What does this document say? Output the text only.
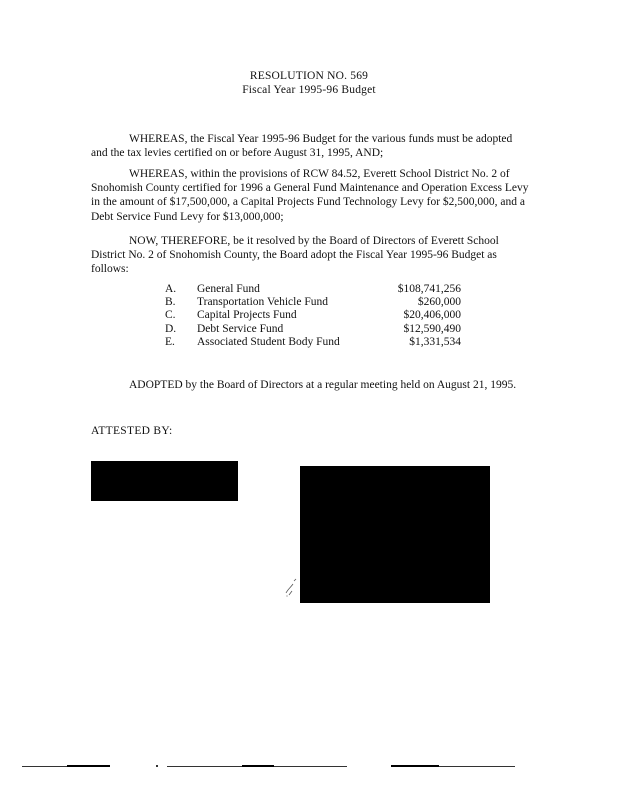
RESOLUTION NO. 569
Fiscal Year 1995-96 Budget

WHEREAS, the Fiscal Year 1995-96 Budget for the various funds must be adopted and the tax levies certified on or before August 31, 1995, AND;

WHEREAS, within the provisions of RCW 84.52, Everett School District No. 2 of Snohomish County certified for 1996 a General Fund Maintenance and Operation Excess Levy in the amount of $17,500,000, a Capital Projects Fund Technology Levy for $2,500,000, and a Debt Service Fund Levy for $13,000,000;

NOW, THEREFORE, be it resolved by the Board of Directors of Everett School District No. 2 of Snohomish County, the Board adopt the Fiscal Year 1995-96 Budget as follows:

A.	General Fund	$108,741,256
B.	Transportation Vehicle Fund	$260,000
C.	Capital Projects Fund	$20,406,000
D.	Debt Service Fund	$12,590,490
E.	Associated Student Body Fund	$1,331,534

ADOPTED by the Board of Directors at a regular meeting held on August 21, 1995.

ATTESTED BY:
